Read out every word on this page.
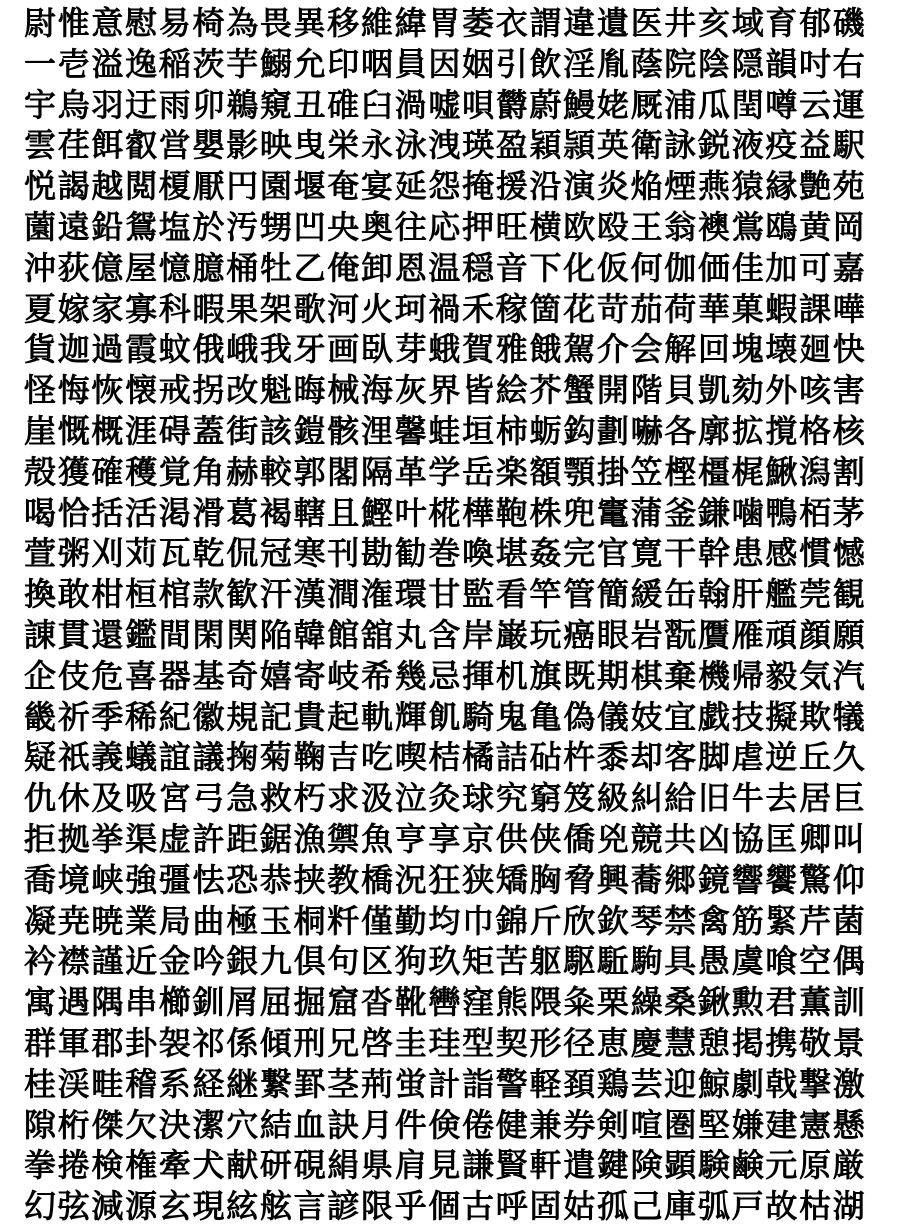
尉惟意慰易椅為畏異移維緯胃萎衣謂違遺医井亥域育郁磯
一壱溢逸稲茨芋鰯允印咽員因姻引飲淫胤蔭院陰隠韻吋右
宇烏羽迂雨卯鵜窺丑碓臼渦嘘唄欝蔚鰻姥厩浦瓜閏噂云運
雲荏餌叡営嬰影映曳栄永泳洩瑛盈穎頴英衛詠鋭液疫益駅
悦謁越閲榎厭円園堰奄宴延怨掩援沿演炎焔煙燕猿縁艶苑
薗遠鉛鴛塩於汚甥凹央奥往応押旺横欧殴王翁襖鴬鴎黄岡
沖荻億屋憶臆桶牡乙俺卸恩温穏音下化仮何伽価佳加可嘉
夏嫁家寡科暇果架歌河火珂禍禾稼箇花苛茄荷華菓蝦課嘩
貨迦過霞蚊俄峨我牙画臥芽蛾賀雅餓駕介会解回塊壊廻快
怪悔恢懐戒拐改魁晦械海灰界皆絵芥蟹開階貝凱劾外咳害
崖慨概涯碍蓋街該鎧骸浬馨蛙垣柿蛎鈎劃嚇各廓拡撹格核
殻獲確穫覚角赫較郭閣隔革学岳楽額顎掛笠樫橿梶鰍潟割
喝恰括活渇滑葛褐轄且鰹叶椛樺鞄株兜竃蒲釜鎌噛鴨栢茅
萱粥刈苅瓦乾侃冠寒刊勘勧巻喚堪姦完官寛干幹患感慣憾
換敢柑桓棺款歓汗漢澗潅環甘監看竿管簡緩缶翰肝艦莞観
諌貫還鑑間閑関陥韓館舘丸含岸巌玩癌眼岩翫贋雁頑顔願
企伎危喜器基奇嬉寄岐希幾忌揮机旗既期棋棄機帰毅気汽
畿祈季稀紀徽規記貴起軌輝飢騎鬼亀偽儀妓宜戯技擬欺犠
疑祇義蟻誼議掬菊鞠吉吃喫桔橘詰砧杵黍却客脚虐逆丘久
仇休及吸宮弓急救朽求汲泣灸球究窮笈級糾給旧牛去居巨
拒拠挙渠虚許距鋸漁禦魚亨享京供侠僑兇競共凶協匡卿叫
喬境峡強彊怯恐恭挟教橋況狂狭矯胸脅興蕎郷鏡響饗驚仰
凝尭暁業局曲極玉桐粁僅勤均巾錦斤欣欽琴禁禽筋緊芹菌
衿襟謹近金吟銀九倶句区狗玖矩苦躯駆駈駒具愚虞喰空偶
寓遇隅串櫛釧屑屈掘窟沓靴轡窪熊隈粂栗繰桑鍬勲君薫訓
群軍郡卦袈祁係傾刑兄啓圭珪型契形径恵慶慧憩掲携敬景
桂渓畦稽系経継繋罫茎荊蛍計詣警軽頚鶏芸迎鯨劇戟撃激
隙桁傑欠決潔穴結血訣月件倹倦健兼券剣喧圏堅嫌建憲懸
拳捲検権牽犬献研硯絹県肩見謙賢軒遣鍵険顕験鹸元原厳
幻弦減源玄現絃舷言諺限乎個古呼固姑孤己庫弧戸故枯湖
